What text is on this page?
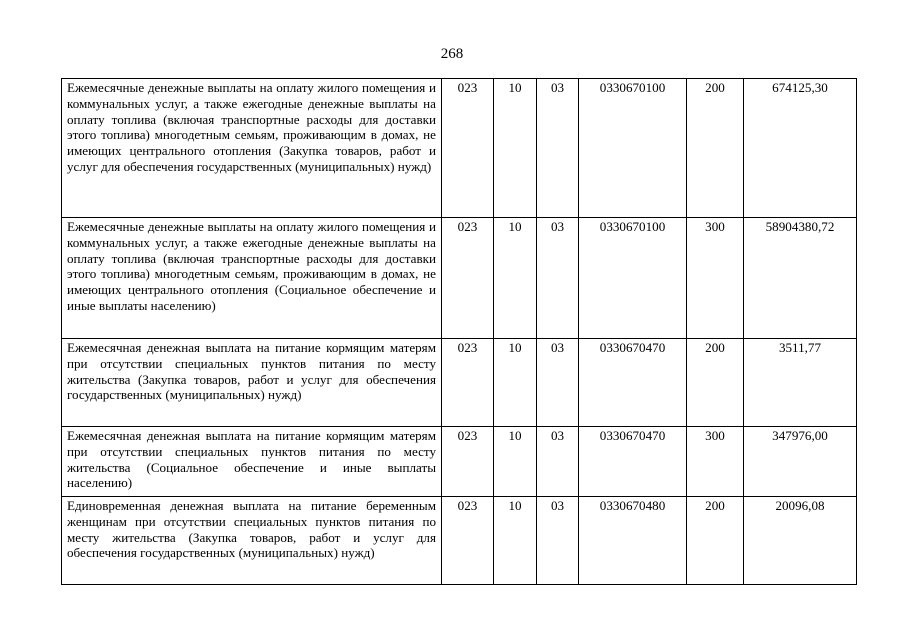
268
Ежемесячные денежные выплаты на оплату жилого помещения и коммунальных услуг, а также ежегодные денежные выплаты на оплату топлива (включая транспортные расходы для доставки этого топлива) многодетным семьям, проживающим в домах, не имеющих центрального отопления (Закупка товаров, работ и услуг для обеспечения государственных (муниципальных) нужд)	023	10	03	0330670100	200	674125,30
Ежемесячные денежные выплаты на оплату жилого помещения и коммунальных услуг, а также ежегодные денежные выплаты на оплату топлива (включая транспортные расходы для доставки этого топлива) многодетным семьям, проживающим в домах, не имеющих центрального отопления (Социальное обеспечение и иные выплаты населению)	023	10	03	0330670100	300	58904380,72
Ежемесячная денежная выплата на питание кормящим матерям при отсутствии специальных пунктов питания по месту жительства (Закупка товаров, работ и услуг для обеспечения государственных (муниципальных) нужд)	023	10	03	0330670470	200	3511,77
Ежемесячная денежная выплата на питание кормящим матерям при отсутствии специальных пунктов питания по месту жительства (Социальное обеспечение и иные выплаты населению)	023	10	03	0330670470	300	347976,00
Единовременная денежная выплата на питание беременным женщинам при отсутствии специальных пунктов питания по месту жительства (Закупка товаров, работ и услуг для обеспечения государственных (муниципальных) нужд)	023	10	03	0330670480	200	20096,08
